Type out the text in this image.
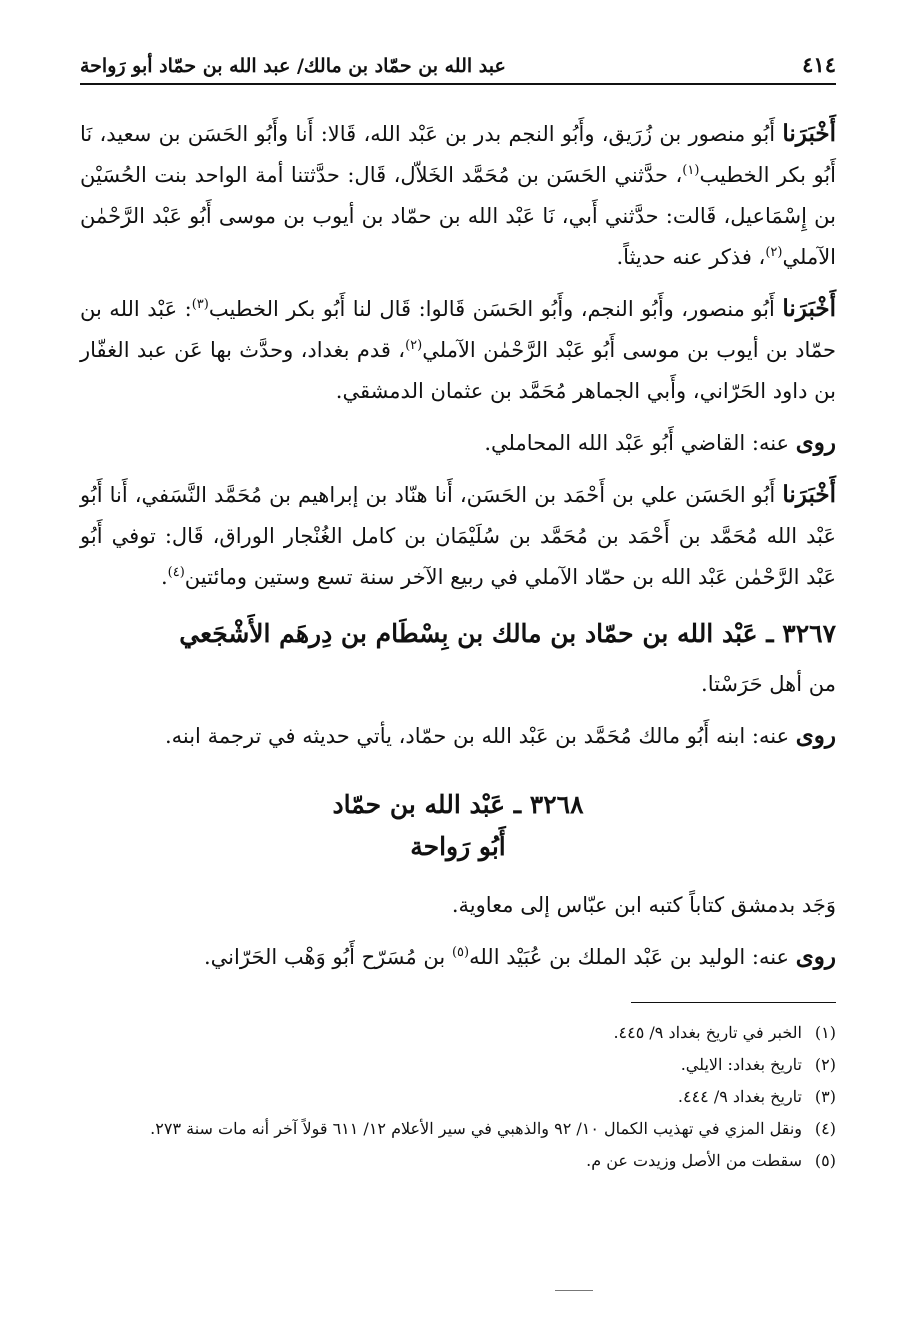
٤١٤
عبد الله بن حمّاد بن مالك/ عبد الله بن حمّاد أبو رَواحة

أَخْبَرَنا أَبُو منصور بن زُرَيق، وأَبُو النجم بدر بن عَبْد الله، قَالا: أَنا وأَبُو الحَسَن بن سعيد، نَا أَبُو بكر الخطيب$^{(١)}$، حدَّثني الحَسَن بن مُحَمَّد الخَلاّل، قَال: حدَّثتنا أمة الواحد بنت الحُسَيْن بن إِسْمَاعيل، قَالت: حدَّثني أَبي، نَا عَبْد الله بن حمّاد بن أيوب بن موسى أَبُو عَبْد الرَّحْمٰن الآملي$^{(٢)}$، فذكر عنه حديثاً.

أَخْبَرَنا أَبُو منصور، وأَبُو النجم، وأَبُو الحَسَن قَالوا: قَال لنا أَبُو بكر الخطيب$^{(٣)}$: عَبْد الله بن حمّاد بن أيوب بن موسى أَبُو عَبْد الرَّحْمٰن الآملي$^{(٢)}$، قدم بغداد، وحدَّث بها عَن عبد الغفّار بن داود الحَرّاني، وأَبي الجماهر مُحَمَّد بن عثمان الدمشقي.

روى عنه: القاضي أَبُو عَبْد الله المحاملي.

أَخْبَرَنا أَبُو الحَسَن علي بن أَحْمَد بن الحَسَن، أَنا هنّاد بن إبراهيم بن مُحَمَّد النَّسَفي، أَنا أَبُو عَبْد الله مُحَمَّد بن أَحْمَد بن مُحَمَّد بن سُلَيْمَان بن كامل الغُنْجار الوراق، قَال: توفي أَبُو عَبْد الرَّحْمٰن عَبْد الله بن حمّاد الآملي في ربيع الآخر سنة تسع وستين ومائتين$^{(٤)}$.

٣٢٦٧ ـ عَبْد الله بن حمّاد بن مالك بن بِسْطَام بن دِرهَم الأَشْجَعي

من أهل حَرَسْتا.

روى عنه: ابنه أَبُو مالك مُحَمَّد بن عَبْد الله بن حمّاد، يأتي حديثه في ترجمة ابنه.

٣٢٦٨ ـ عَبْد الله بن حمّاد
أَبُو رَواحة

وَجَد بدمشق كتاباً كتبه ابن عبّاس إلى معاوية.

روى عنه: الوليد بن عَبْد الملك بن عُبَيْد الله$^{(٥)}$ بن مُسَرّح أَبُو وَهْب الحَرّاني.

(١)
الخبر في تاريخ بغداد ٩/ ٤٤٥.
(٢)
تاريخ بغداد: الايلي.
(٣)
تاريخ بغداد ٩/ ٤٤٤.
(٤)
ونقل المزي في تهذيب الكمال ١٠/ ٩٢ والذهبي في سير الأعلام ١٢/ ٦١١ قولاً آخر أنه مات سنة ٢٧٣.
(٥)
سقطت من الأصل وزيدت عن م.
